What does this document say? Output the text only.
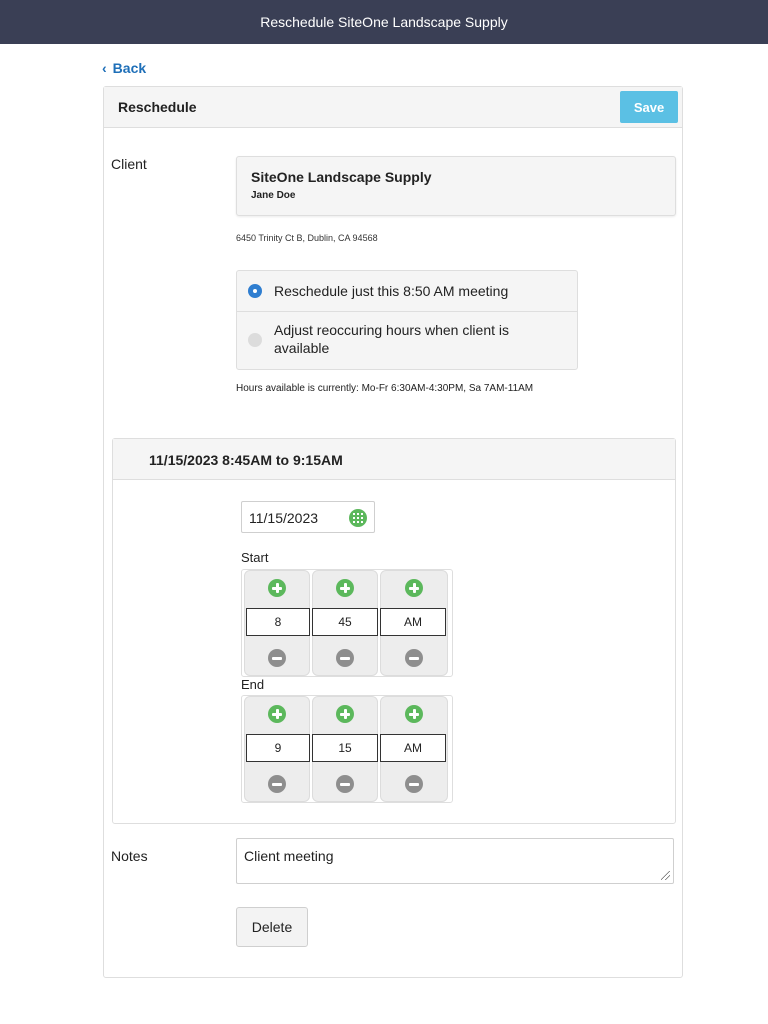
Reschedule SiteOne Landscape Supply
‹ Back
Reschedule	Save
Client
SiteOne Landscape Supply
Jane Doe
6450 Trinity Ct B, Dublin, CA 94568
Reschedule just this 8:50 AM meeting
Adjust reoccuring hours when client is available
Hours available is currently: Mo-Fr 6:30AM-4:30PM, Sa 7AM-11AM
11/15/2023 8:45AM to 9:15AM
11/15/2023
Start
8	45	AM
End
9	15	AM
Notes	Client meeting
Delete
